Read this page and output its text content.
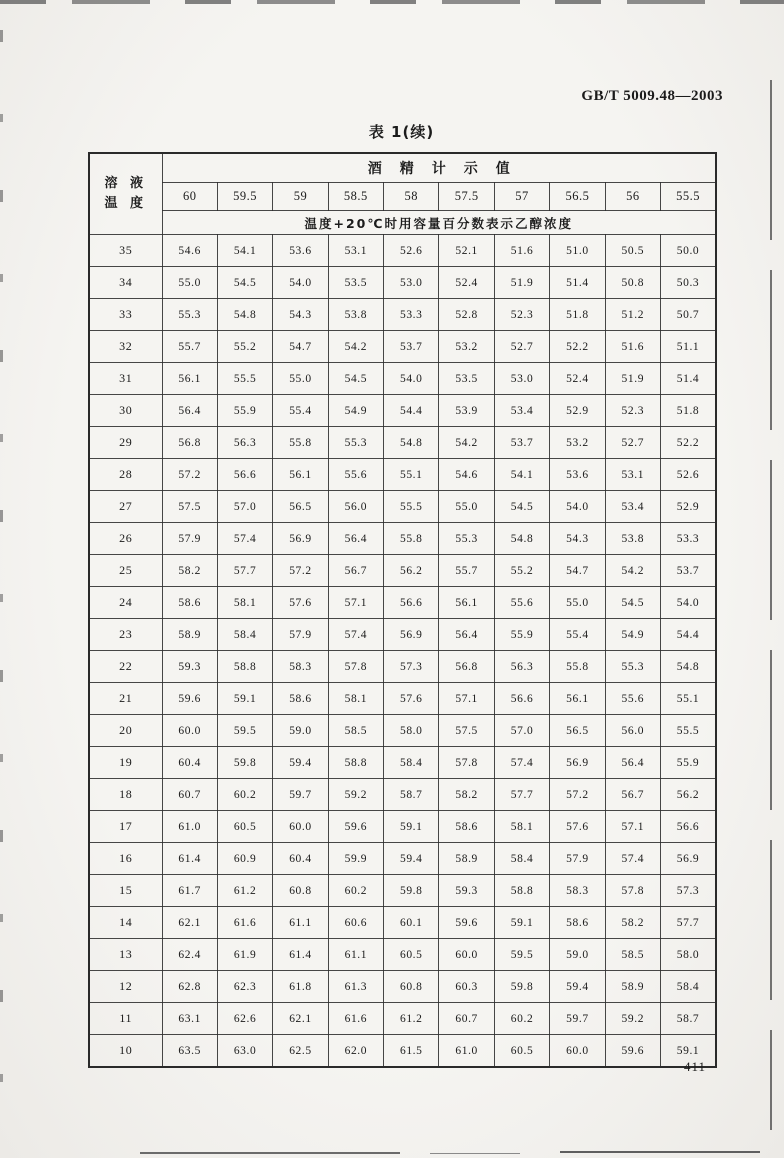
GB/T 5009.48—2003
表 1(续)
溶 液
温 度	酒精计示值									
	60	59.5	59	58.5	58	57.5	57	56.5	56	55.5
	温度+20℃时用容量百分数表示乙醇浓度									
35	54.6	54.1	53.6	53.1	52.6	52.1	51.6	51.0	50.5	50.0
34	55.0	54.5	54.0	53.5	53.0	52.4	51.9	51.4	50.8	50.3
33	55.3	54.8	54.3	53.8	53.3	52.8	52.3	51.8	51.2	50.7
32	55.7	55.2	54.7	54.2	53.7	53.2	52.7	52.2	51.6	51.1
31	56.1	55.5	55.0	54.5	54.0	53.5	53.0	52.4	51.9	51.4
30	56.4	55.9	55.4	54.9	54.4	53.9	53.4	52.9	52.3	51.8
29	56.8	56.3	55.8	55.3	54.8	54.2	53.7	53.2	52.7	52.2
28	57.2	56.6	56.1	55.6	55.1	54.6	54.1	53.6	53.1	52.6
27	57.5	57.0	56.5	56.0	55.5	55.0	54.5	54.0	53.4	52.9
26	57.9	57.4	56.9	56.4	55.8	55.3	54.8	54.3	53.8	53.3
25	58.2	57.7	57.2	56.7	56.2	55.7	55.2	54.7	54.2	53.7
24	58.6	58.1	57.6	57.1	56.6	56.1	55.6	55.0	54.5	54.0
23	58.9	58.4	57.9	57.4	56.9	56.4	55.9	55.4	54.9	54.4
22	59.3	58.8	58.3	57.8	57.3	56.8	56.3	55.8	55.3	54.8
21	59.6	59.1	58.6	58.1	57.6	57.1	56.6	56.1	55.6	55.1
20	60.0	59.5	59.0	58.5	58.0	57.5	57.0	56.5	56.0	55.5
19	60.4	59.8	59.4	58.8	58.4	57.8	57.4	56.9	56.4	55.9
18	60.7	60.2	59.7	59.2	58.7	58.2	57.7	57.2	56.7	56.2
17	61.0	60.5	60.0	59.6	59.1	58.6	58.1	57.6	57.1	56.6
16	61.4	60.9	60.4	59.9	59.4	58.9	58.4	57.9	57.4	56.9
15	61.7	61.2	60.8	60.2	59.8	59.3	58.8	58.3	57.8	57.3
14	62.1	61.6	61.1	60.6	60.1	59.6	59.1	58.6	58.2	57.7
13	62.4	61.9	61.4	61.1	60.5	60.0	59.5	59.0	58.5	58.0
12	62.8	62.3	61.8	61.3	60.8	60.3	59.8	59.4	58.9	58.4
11	63.1	62.6	62.1	61.6	61.2	60.7	60.2	59.7	59.2	58.7
10	63.5	63.0	62.5	62.0	61.5	61.0	60.5	60.0	59.6	59.1
411
